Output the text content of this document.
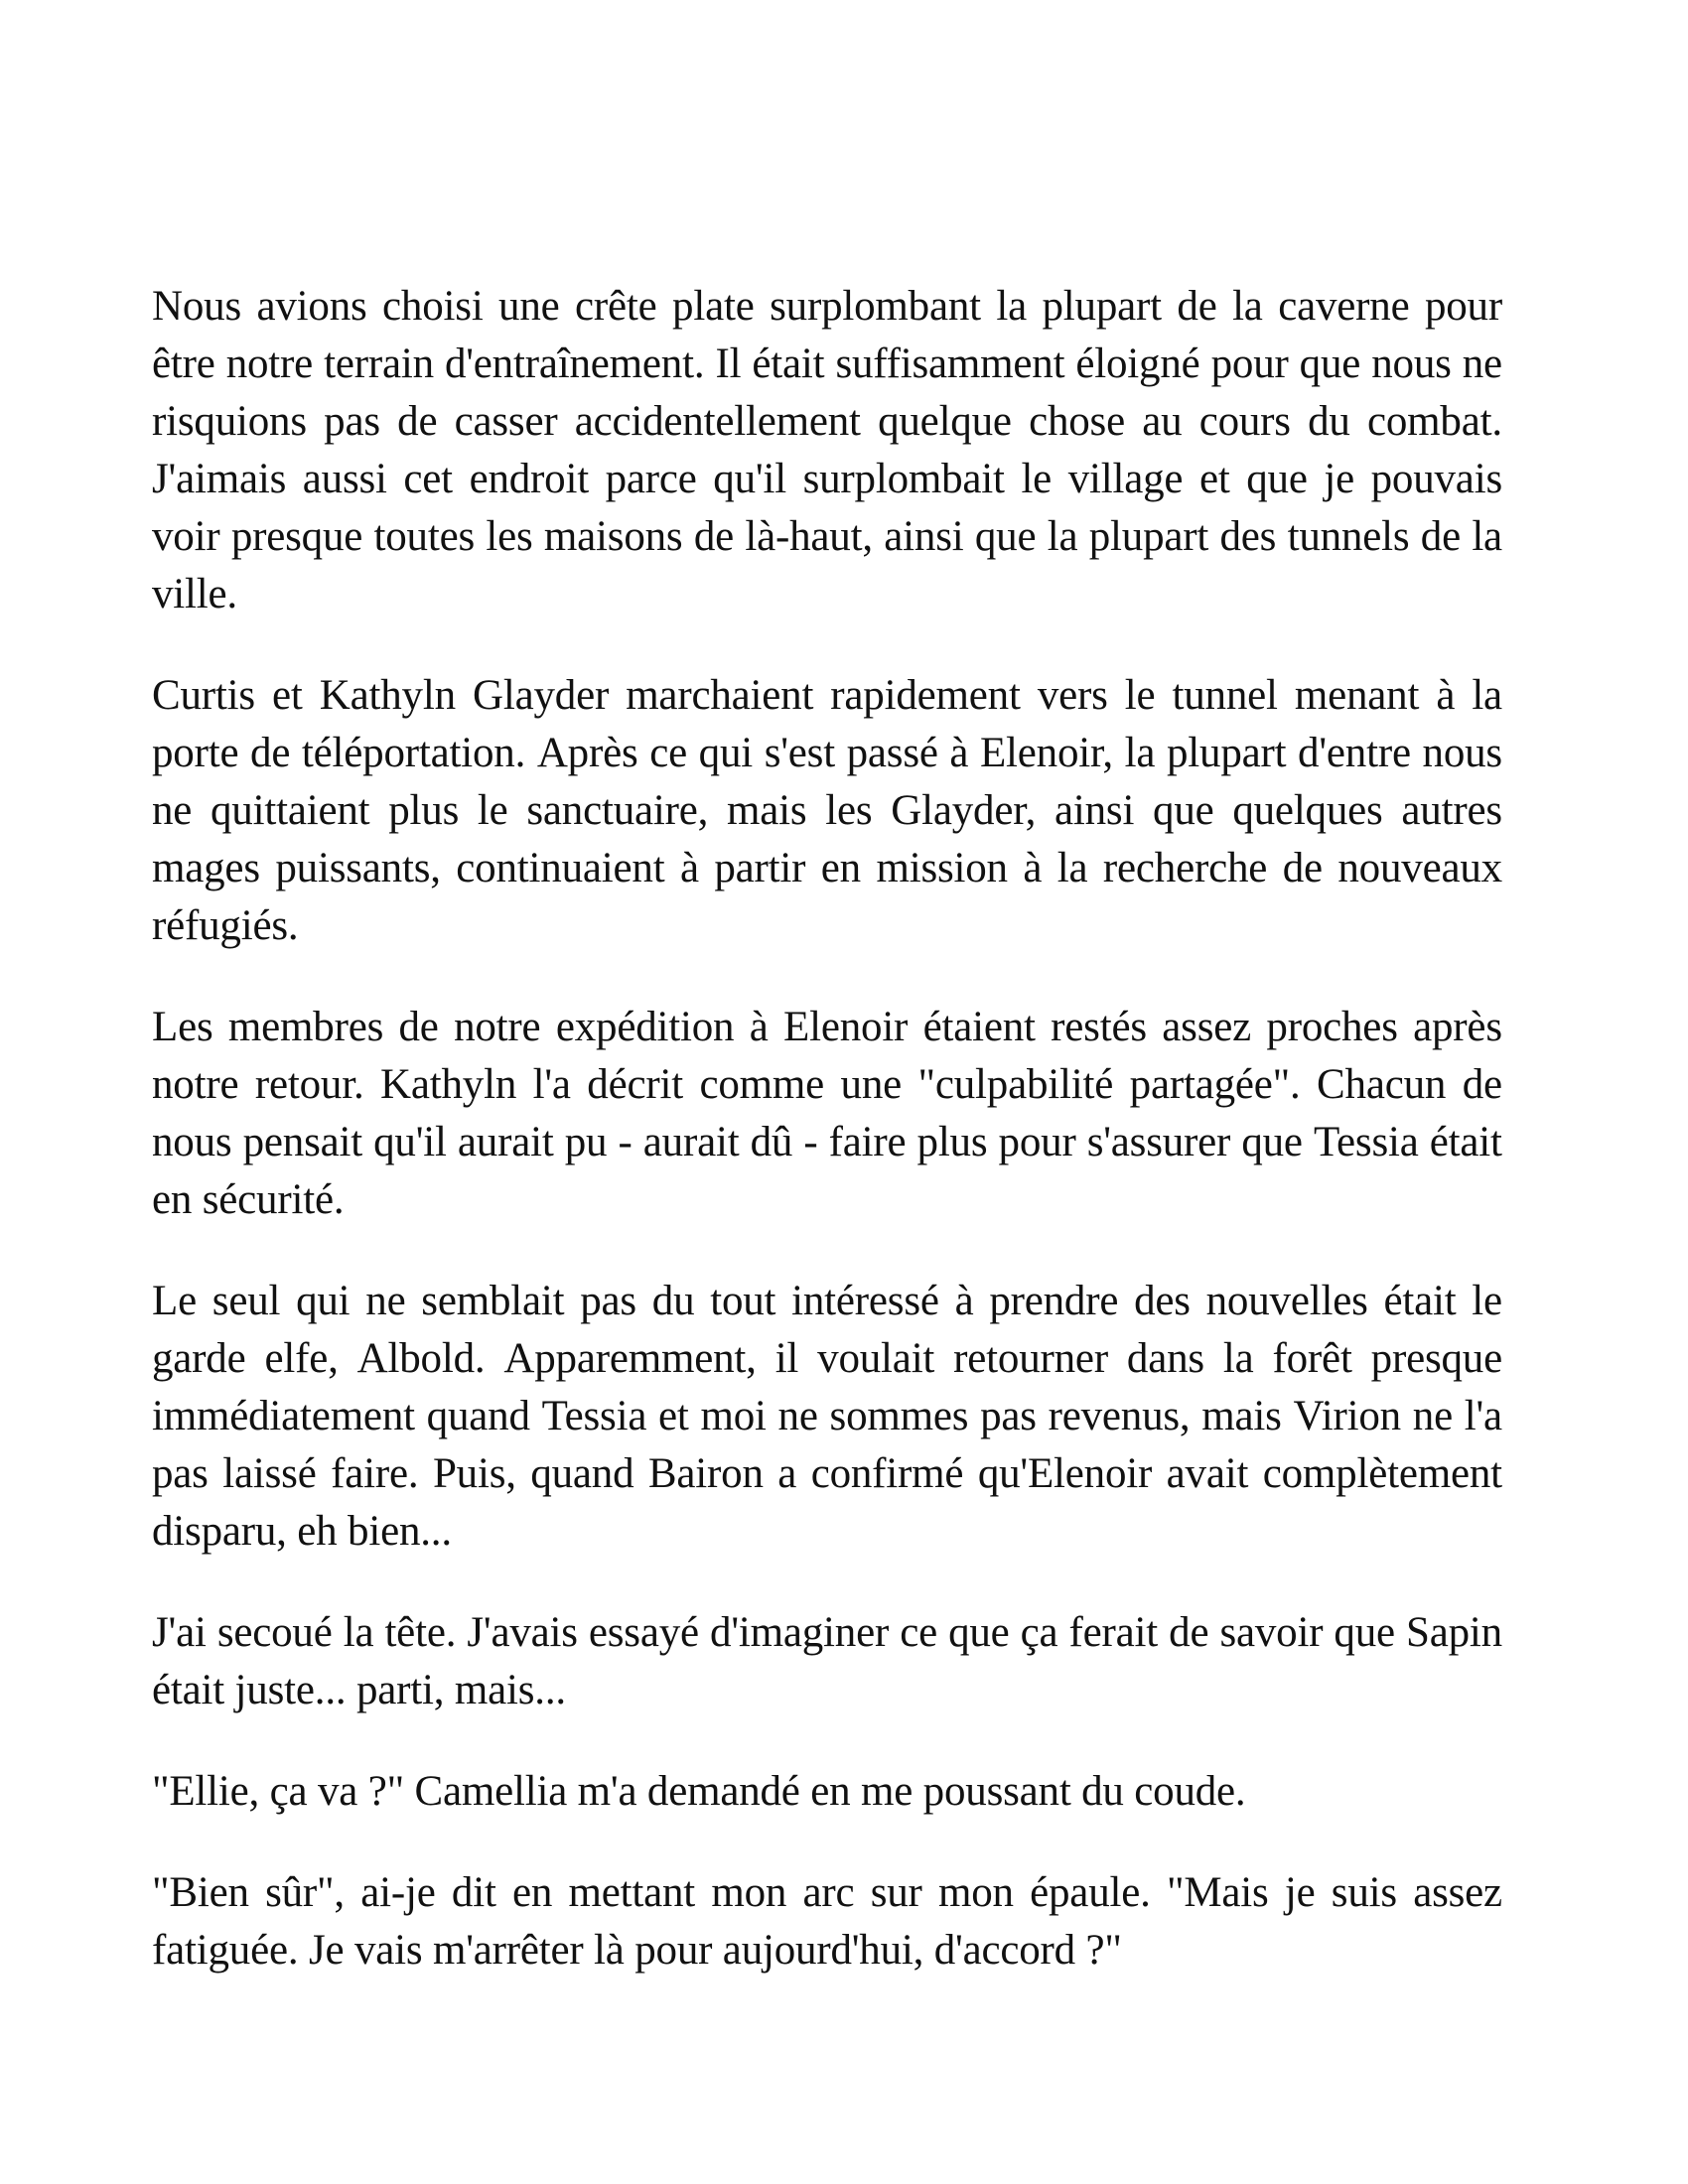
Nous avions choisi une crête plate surplombant la plupart de la caverne pour
être notre terrain d'entraînement. Il était suffisamment éloigné pour que nous ne
risquions pas de casser accidentellement quelque chose au cours du combat.
J'aimais aussi cet endroit parce qu'il surplombait le village et que je pouvais
voir presque toutes les maisons de là-haut, ainsi que la plupart des tunnels de la
ville.
Curtis et Kathyln Glayder marchaient rapidement vers le tunnel menant à la
porte de téléportation. Après ce qui s'est passé à Elenoir, la plupart d'entre nous
ne quittaient plus le sanctuaire, mais les Glayder, ainsi que quelques autres
mages puissants, continuaient à partir en mission à la recherche de nouveaux
réfugiés.
Les membres de notre expédition à Elenoir étaient restés assez proches après
notre retour. Kathyln l'a décrit comme une "culpabilité partagée". Chacun de
nous pensait qu'il aurait pu - aurait dû - faire plus pour s'assurer que Tessia était
en sécurité.
Le seul qui ne semblait pas du tout intéressé à prendre des nouvelles était le
garde elfe, Albold. Apparemment, il voulait retourner dans la forêt presque
immédiatement quand Tessia et moi ne sommes pas revenus, mais Virion ne l'a
pas laissé faire. Puis, quand Bairon a confirmé qu'Elenoir avait complètement
disparu, eh bien...
J'ai secoué la tête. J'avais essayé d'imaginer ce que ça ferait de savoir que Sapin
était juste... parti, mais...
"Ellie, ça va ?" Camellia m'a demandé en me poussant du coude.
"Bien sûr", ai-je dit en mettant mon arc sur mon épaule. "Mais je suis assez
fatiguée. Je vais m'arrêter là pour aujourd'hui, d'accord ?"
